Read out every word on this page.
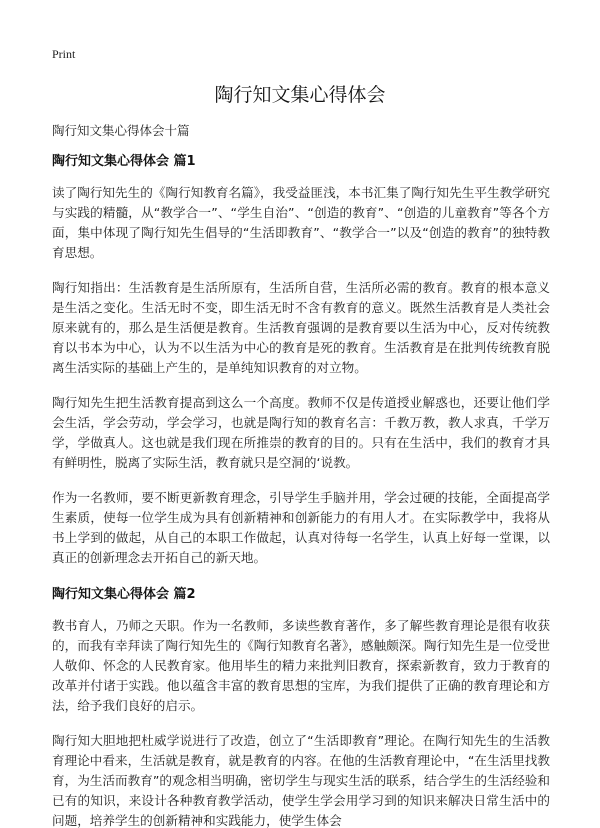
Print
陶行知文集心得体会
陶行知文集心得体会十篇
陶行知文集心得体会 篇1

读了陶行知先生的《陶行知教育名篇》，我受益匪浅，本书汇集了陶行知先生平生教学研究与实践的精髓，从“教学合一”、“学生自治”、“创造的教育”、“创造的儿童教育”等各个方面，集中体现了陶行知先生倡导的“生活即教育”、“教学合一”以及“创造的教育”的独特教育思想。

陶行知指出：生活教育是生活所原有，生活所自营，生活所必需的教育。教育的根本意义是生活之变化。生活无时不变，即生活无时不含有教育的意义。既然生活教育是人类社会原来就有的，那么是生活便是教育。生活教育强调的是教育要以生活为中心，反对传统教育以书本为中心，认为不以生活为中心的教育是死的教育。生活教育是在批判传统教育脱离生活实际的基础上产生的，是单纯知识教育的对立物。

陶行知先生把生活教育提高到这么一个高度。教师不仅是传道授业解惑也，还要让他们学会生活，学会劳动，学会学习，也就是陶行知的教育名言：千教万教，教人求真，千学万学，学做真人。这也就是我们现在所推崇的教育的目的。只有在生活中，我们的教育才具有鲜明性，脱离了实际生活，教育就只是空洞的‘说教。

作为一名教师，要不断更新教育理念，引导学生手脑并用，学会过硬的技能，全面提高学生素质，使每一位学生成为具有创新精神和创新能力的有用人才。在实际教学中，我将从书上学到的做起，从自己的本职工作做起，认真对待每一名学生，认真上好每一堂课，以真正的创新理念去开拓自己的新天地。

陶行知文集心得体会 篇2

教书育人，乃师之天职。作为一名教师，多读些教育著作，多了解些教育理论是很有收获的，而我有幸拜读了陶行知先生的《陶行知教育名著》，感触颇深。陶行知先生是一位受世人敬仰、怀念的人民教育家。他用毕生的精力来批判旧教育，探索新教育，致力于教育的改革并付诸于实践。他以蕴含丰富的教育思想的宝库，为我们提供了正确的教育理论和方法，给予我们良好的启示。

陶行知大胆地把杜威学说进行了改造，创立了“生活即教育”理论。在陶行知先生的生活教育理论中看来，生活就是教育，就是教育的内容。在他的生活教育理论中，“在生活里找教育，为生活而教育”的观念相当明确，密切学生与现实生活的联系，结合学生的生活经验和已有的知识，来设计各种教育教学活动，使学生学会用学习到的知识来解决日常生活中的问题，培养学生的创新精神和实践能力，使学生体会
